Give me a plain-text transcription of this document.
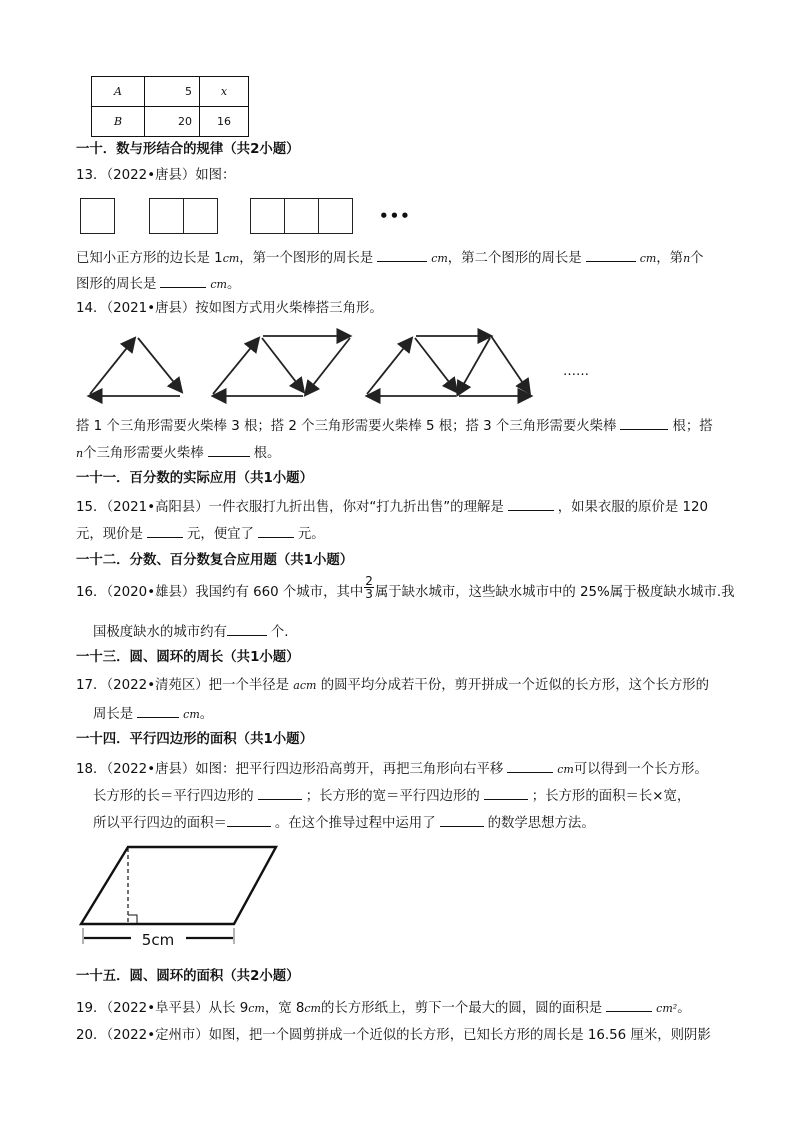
A	5	x
B	20	16
一十．数与形结合的规律（共2小题）
13．（2022•唐县）如图：
•••
已知小正方形的边长是 1cm，第一个图形的周长是	cm，第二个图形的周长是	cm，第n个
图形的周长是	cm。
14．（2021•唐县）按如图方式用火柴棒搭三角形。
……
搭 1 个三角形需要火柴棒 3 根；搭 2 个三角形需要火柴棒 5 根；搭 3 个三角形需要火柴棒	根；搭
n个三角形需要火柴棒	根。
一十一．百分数的实际应用（共1小题）
15．（2021•高阳县）一件衣服打九折出售，你对“打九折出售”的理解是	，如果衣服的原价是 120
元，现价是	元，便宜了	元。
一十二．分数、百分数复合应用题（共1小题）
16．（2020•雄县）我国约有 660 个城市，其中 $\frac{2}{3}$ 属于缺水城市，这些缺水城市中的 25%属于极度缺水城市.我
国极度缺水的城市约有	个.
一十三．圆、圆环的周长（共1小题）
17．（2022•清苑区）把一个半径是 acm 的圆平均分成若干份，剪开拼成一个近似的长方形，这个长方形的
周长是	cm。
一十四．平行四边形的面积（共1小题）
18．（2022•唐县）如图：把平行四边形沿高剪开，再把三角形向右平移	cm可以得到一个长方形。
长方形的长＝平行四边形的	；长方形的宽＝平行四边形的	；长方形的面积＝长×宽，
所以平行四边的面积＝	。在这个推导过程中运用了	的数学思想方法。
5cm
一十五．圆、圆环的面积（共2小题）
19．（2022•阜平县）从长 9cm，宽 8cm的长方形纸上，剪下一个最大的圆，圆的面积是	cm²。
20．（2022•定州市）如图，把一个圆剪拼成一个近似的长方形，已知长方形的周长是 16.56 厘米，则阴影
